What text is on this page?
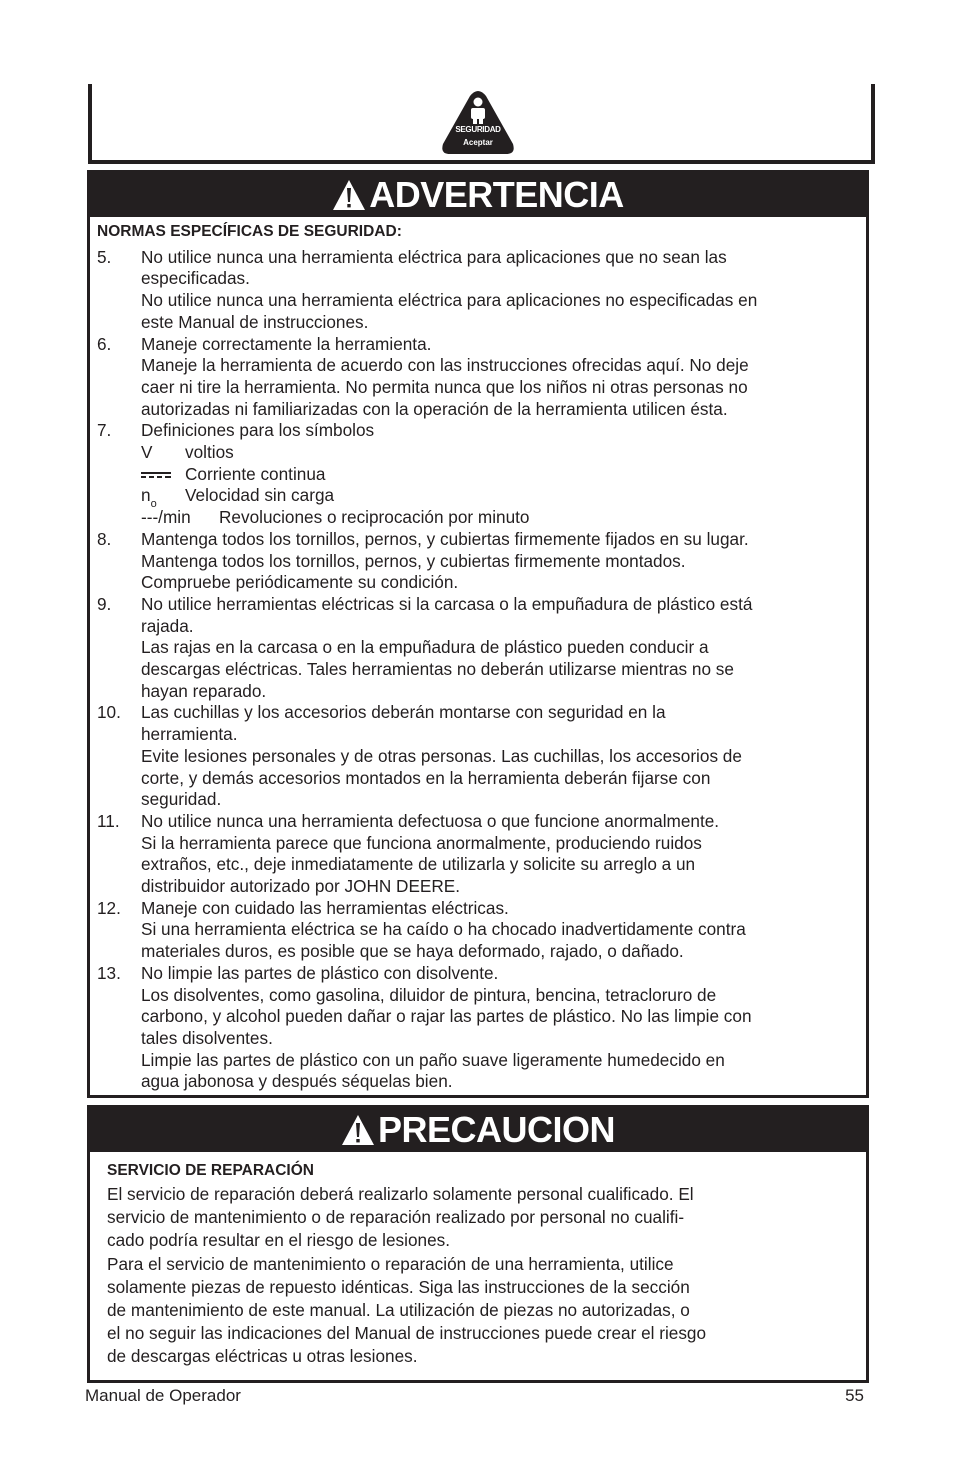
SEGURIDAD
Aceptar
ADVERTENCIA
NORMAS ESPECÍFICAS DE SEGURIDAD:
5. No utilice nunca una herramienta eléctrica para aplicaciones que no sean las
especificadas.
No utilice nunca una herramienta eléctrica para aplicaciones no especificadas en
este Manual de instrucciones.
6. Maneje correctamente la herramienta.
Maneje la herramienta de acuerdo con las instrucciones ofrecidas aquí. No deje
caer ni tire la herramienta. No permita nunca que los niños ni otras personas no
autorizadas ni familiarizadas con la operación de la herramienta utilicen ésta.
7. Definiciones para los símbolos
V voltios
Corriente continua
$n_o$ Velocidad sin carga
---/min Revoluciones o reciprocación por minuto
8. Mantenga todos los tornillos, pernos, y cubiertas firmemente fijados en su lugar.
Mantenga todos los tornillos, pernos, y cubiertas firmemente montados.
Compruebe periódicamente su condición.
9. No utilice herramientas eléctricas si la carcasa o la empuñadura de plástico está
rajada.
Las rajas en la carcasa o en la empuñadura de plástico pueden conducir a
descargas eléctricas. Tales herramientas no deberán utilizarse mientras no se
hayan reparado.
10. Las cuchillas y los accesorios deberán montarse con seguridad en la
herramienta.
Evite lesiones personales y de otras personas. Las cuchillas, los accesorios de
corte, y demás accesorios montados en la herramienta deberán fijarse con
seguridad.
11. No utilice nunca una herramienta defectuosa o que funcione anormalmente.
Si la herramienta parece que funciona anormalmente, produciendo ruidos
extraños, etc., deje inmediatamente de utilizarla y solicite su arreglo a un
distribuidor autorizado por JOHN DEERE.
12. Maneje con cuidado las herramientas eléctricas.
Si una herramienta eléctrica se ha caído o ha chocado inadvertidamente contra
materiales duros, es posible que se haya deformado, rajado, o dañado.
13. No limpie las partes de plástico con disolvente.
Los disolventes, como gasolina, diluidor de pintura, bencina, tetracloruro de
carbono, y alcohol pueden dañar o rajar las partes de plástico. No las limpie con
tales disolventes.
Limpie las partes de plástico con un paño suave ligeramente humedecido en
agua jabonosa y después séquelas bien.
PRECAUCION
SERVICIO DE REPARACIÓN
El servicio de reparación deberá realizarlo solamente personal cualificado. El
servicio de mantenimiento o de reparación realizado por personal no cualifi-
cado podría resultar en el riesgo de lesiones.
Para el servicio de mantenimiento o reparación de una herramienta, utilice
solamente piezas de repuesto idénticas. Siga las instrucciones de la sección
de mantenimiento de este manual. La utilización de piezas no autorizadas, o
el no seguir las indicaciones del Manual de instrucciones puede crear el riesgo
de descargas eléctricas u otras lesiones.
Manual de Operador	55
